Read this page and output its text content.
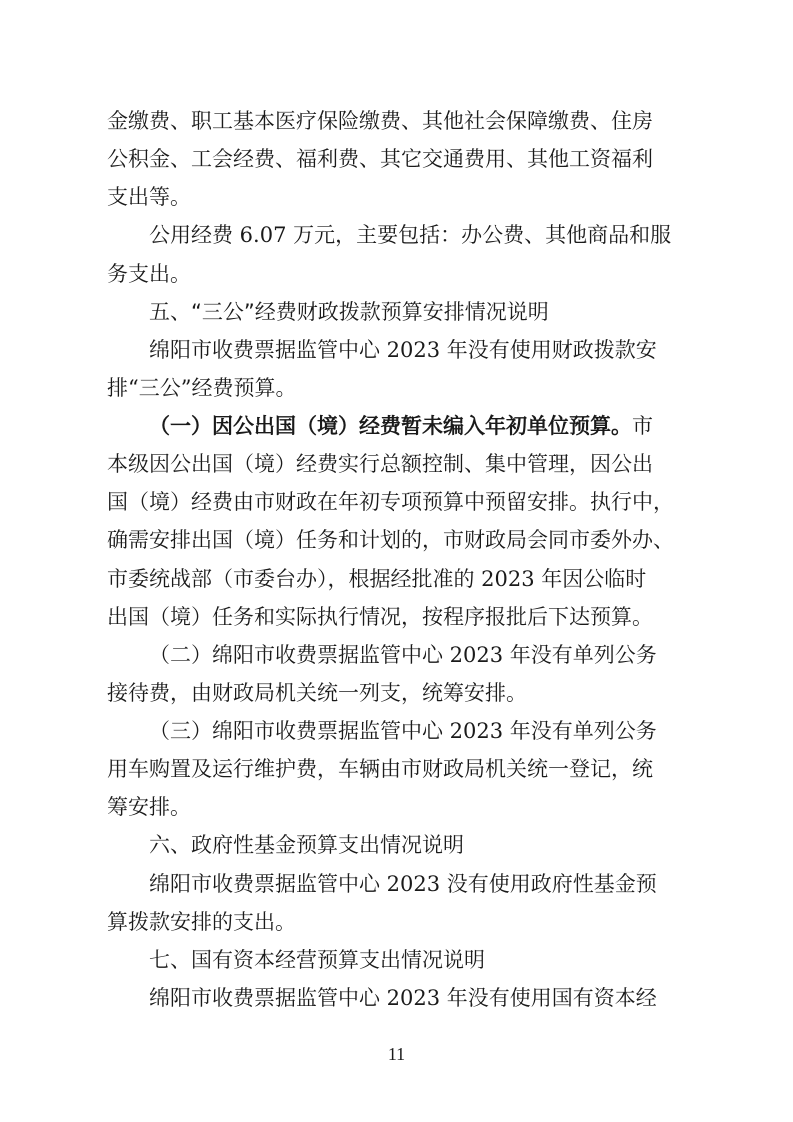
金缴费、职工基本医疗保险缴费、其他社会保障缴费、住房
公积金、工会经费、福利费、其它交通费用、其他工资福利
支出等。
公用经费 6.07 万元，主要包括：办公费、其他商品和服
务支出。
五、“三公”经费财政拨款预算安排情况说明
绵阳市收费票据监管中心 2023 年没有使用财政拨款安
排“三公”经费预算。
（一）因公出国（境）经费暂未编入年初单位预算。市
本级因公出国（境）经费实行总额控制、集中管理，因公出
国（境）经费由市财政在年初专项预算中预留安排。执行中，
确需安排出国（境）任务和计划的，市财政局会同市委外办、
市委统战部（市委台办），根据经批准的 2023 年因公临时
出国（境）任务和实际执行情况，按程序报批后下达预算。
（二）绵阳市收费票据监管中心 2023 年没有单列公务
接待费，由财政局机关统一列支，统筹安排。
（三）绵阳市收费票据监管中心 2023 年没有单列公务
用车购置及运行维护费，车辆由市财政局机关统一登记，统
筹安排。
六、政府性基金预算支出情况说明
绵阳市收费票据监管中心 2023 没有使用政府性基金预
算拨款安排的支出。
七、国有资本经营预算支出情况说明
绵阳市收费票据监管中心 2023 年没有使用国有资本经
11
